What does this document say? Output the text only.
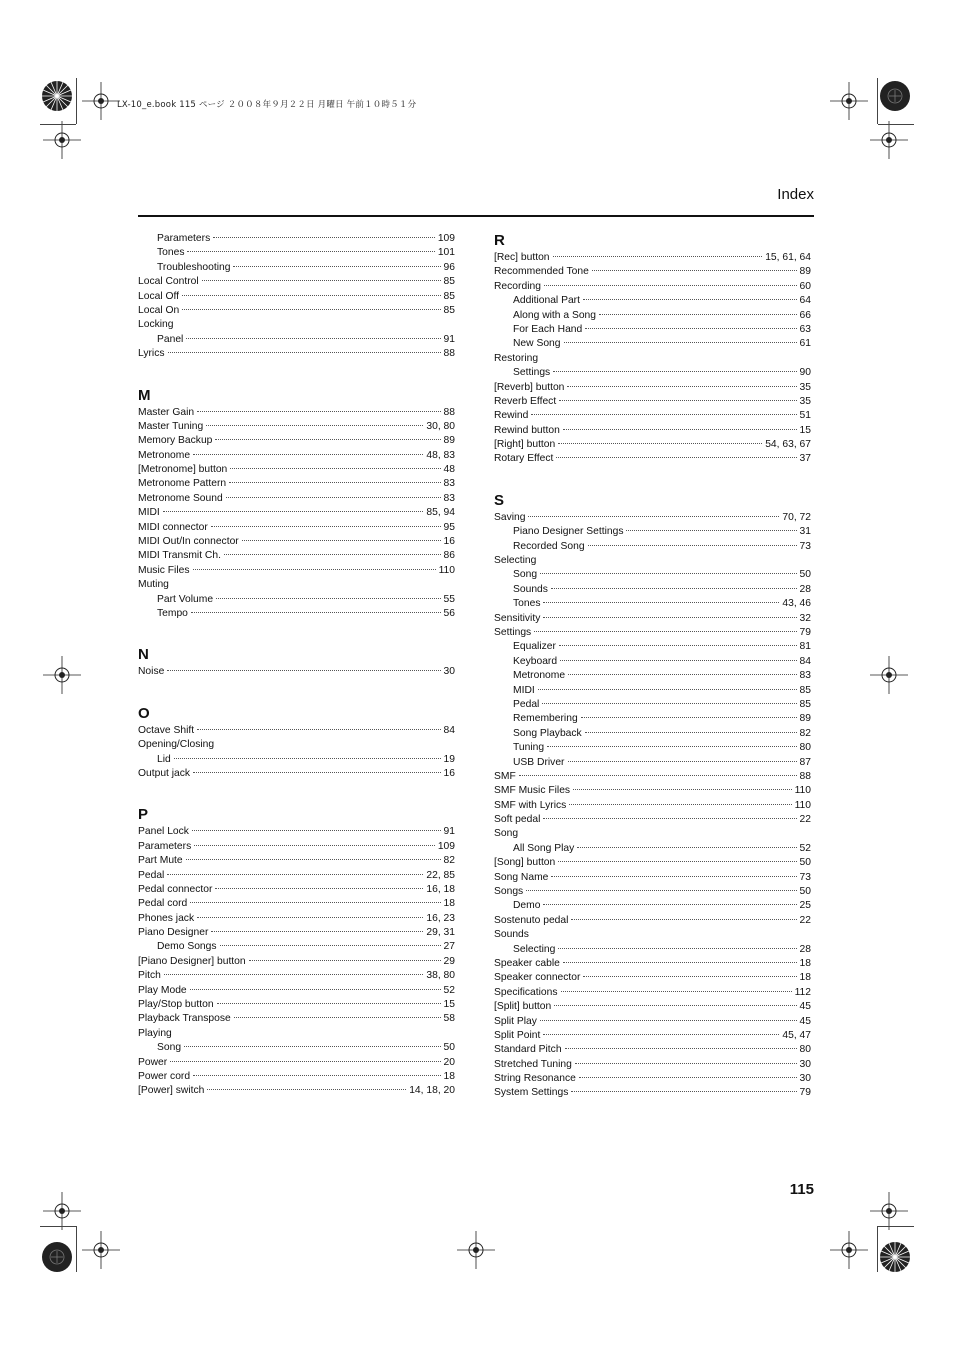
LX-10_e.book 115 ページ ２００８年９月２２日 月曜日 午前１０時５１分
Index
Parameters	109
Tones	101
Troubleshooting	96
Local Control	85
Local Off	85
Local On	85
Locking
Panel	91
Lyrics	88
M
Master Gain	88
Master Tuning	30, 80
Memory Backup	89
Metronome	48, 83
[Metronome] button	48
Metronome Pattern	83
Metronome Sound	83
MIDI	85, 94
MIDI connector	95
MIDI Out/In connector	16
MIDI Transmit Ch.	86
Music Files	110
Muting
Part Volume	55
Tempo	56
N
Noise	30
O
Octave Shift	84
Opening/Closing
Lid	19
Output jack	16
P
Panel Lock	91
Parameters	109
Part Mute	82
Pedal	22, 85
Pedal connector	16, 18
Pedal cord	18
Phones jack	16, 23
Piano Designer	29, 31
Demo Songs	27
[Piano Designer] button	29
Pitch	38, 80
Play Mode	52
Play/Stop button	15
Playback Transpose	58
Playing
Song	50
Power	20
Power cord	18
[Power] switch	14, 18, 20
R
[Rec] button	15, 61, 64
Recommended Tone	89
Recording	60
Additional Part	64
Along with a Song	66
For Each Hand	63
New Song	61
Restoring
Settings	90
[Reverb] button	35
Reverb Effect	35
Rewind	51
Rewind button	15
[Right] button	54, 63, 67
Rotary Effect	37
S
Saving	70, 72
Piano Designer Settings	31
Recorded Song	73
Selecting
Song	50
Sounds	28
Tones	43, 46
Sensitivity	32
Settings	79
Equalizer	81
Keyboard	84
Metronome	83
MIDI	85
Pedal	85
Remembering	89
Song Playback	82
Tuning	80
USB Driver	87
SMF	88
SMF Music Files	110
SMF with Lyrics	110
Soft pedal	22
Song
All Song Play	52
[Song] button	50
Song Name	73
Songs	50
Demo	25
Sostenuto pedal	22
Sounds
Selecting	28
Speaker cable	18
Speaker connector	18
Specifications	112
[Split] button	45
Split Play	45
Split Point	45, 47
Standard Pitch	80
Stretched Tuning	30
String Resonance	30
System Settings	79
115
